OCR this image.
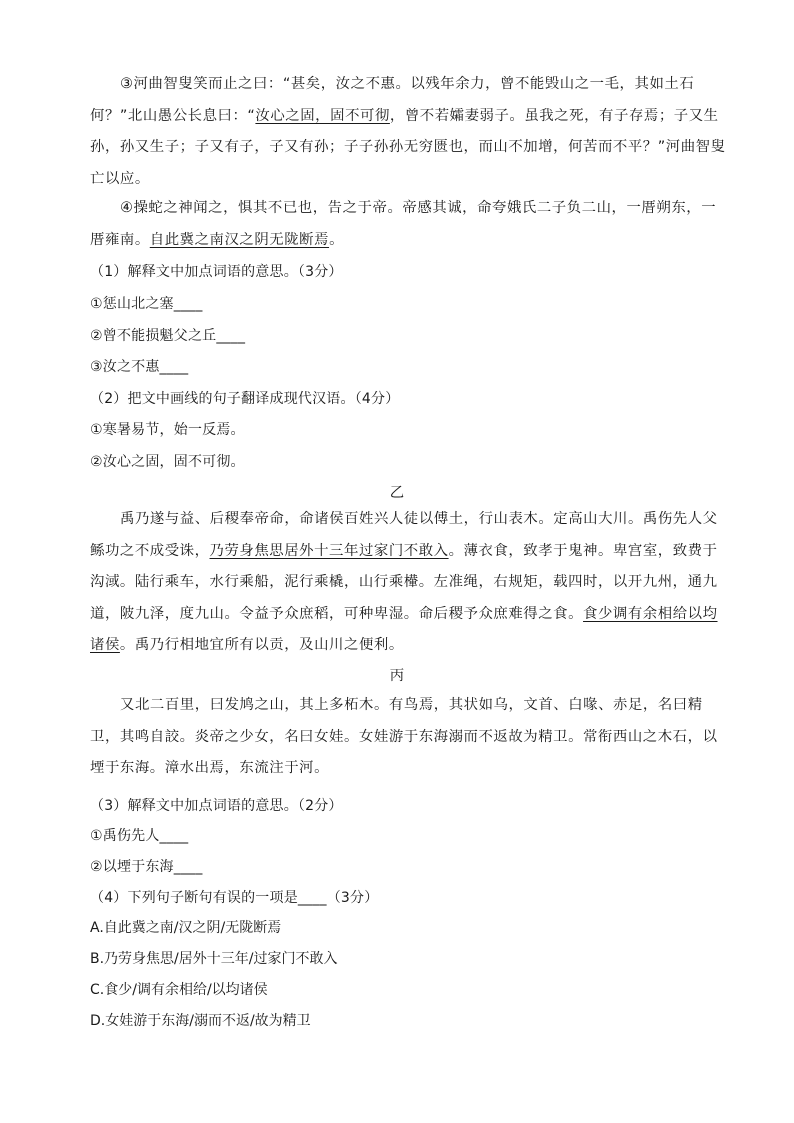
③河曲智叟笑而止之曰：“甚矣，汝之不惠。以残年余力，曾不能毁山之一毛，其如土石何？”北山愚公长息曰：“汝心之固，固不可彻，曾不若孀妻弱子。虽我之死，有子存焉；子又生孙，孙又生子；子又有子，子又有孙；子子孙孙无穷匮也，而山不加增，何苦而不平？”河曲智叟亡以应。
④操蛇之神闻之，惧其不已也，告之于帝。帝感其诚，命夸娥氏二子负二山，一厝朔东，一厝雍南。自此冀之南汉之阴无陇断焉。
（1）解释文中加点词语的意思。（3分）
①惩山北之塞____
②曾不能损魁父之丘____
③汝之不惠____
（2）把文中画线的句子翻译成现代汉语。（4分）
①寒暑易节，始一反焉。
②汝心之固，固不可彻。
乙
禹乃遂与益、后稷奉帝命，命诸侯百姓兴人徒以傅土，行山表木。定高山大川。禹伤先人父鲧功之不成受诛，乃劳身焦思居外十三年过家门不敢入。薄衣食，致孝于鬼神。卑宫室，致费于沟淢。陆行乘车，水行乘船，泥行乘橇，山行乘檋。左准绳，右规矩，载四时，以开九州，通九道，陂九泽，度九山。令益予众庶稻，可种卑湿。命后稷予众庶难得之食。食少调有余相给以均诸侯。禹乃行相地宜所有以贡，及山川之便利。
丙
又北二百里，曰发鸠之山，其上多柘木。有鸟焉，其状如乌，文首、白喙、赤足，名曰精卫，其鸣自詨。炎帝之少女，名曰女娃。女娃游于东海溺而不返故为精卫。常衔西山之木石，以堙于东海。漳水出焉，东流注于河。
（3）解释文中加点词语的意思。（2分）
①禹伤先人____
②以堙于东海____
（4）下列句子断句有误的一项是____（3分）
A.自此冀之南/汉之阴/无陇断焉
B.乃劳身焦思/居外十三年/过家门不敢入
C.食少/调有余相给/以均诸侯
D.女娃游于东海/溺而不返/故为精卫
